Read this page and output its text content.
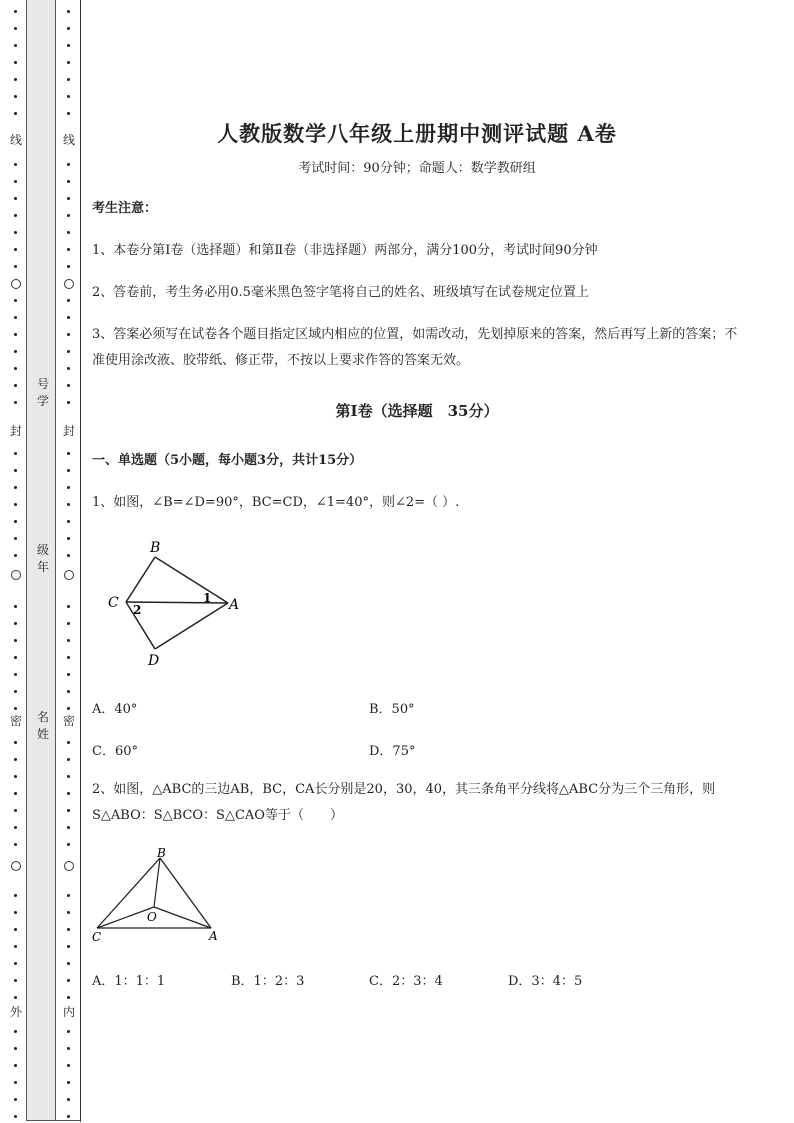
线
封
密
外
线
封
密
内
号
学
级
年
名
姓
人教版数学八年级上册期中测评试题 A卷
考试时间：90分钟；命题人：数学教研组
考生注意：
1、本卷分第I卷（选择题）和第Ⅱ卷（非选择题）两部分，满分100分，考试时间90分钟
2、答卷前，考生务必用0.5毫米黑色签字笔将自己的姓名、班级填写在试卷规定位置上
3、答案必须写在试卷各个题目指定区域内相应的位置，如需改动，先划掉原来的答案，然后再写上新的答案；不准使用涂改液、胶带纸、修正带，不按以上要求作答的答案无效。
第I卷（选择题　35分）
一、单选题（5小题，每小题3分，共计15分）
1、如图，∠B=∠D=90°，BC=CD，∠1=40°，则∠2=（ ）.
B
C
D
A
1
2
A．40°	B．50°
C．60°	D．75°
2、如图，△ABC的三边AB，BC，CA长分别是20，30，40，其三条角平分线将△ABC分为三个三角形，则S△ABO：S△BCO：S△CAO等于（　　）
B
C	A
O
A．1：1：1	B．1：2：3	C．2：3：4	D．3：4：5
